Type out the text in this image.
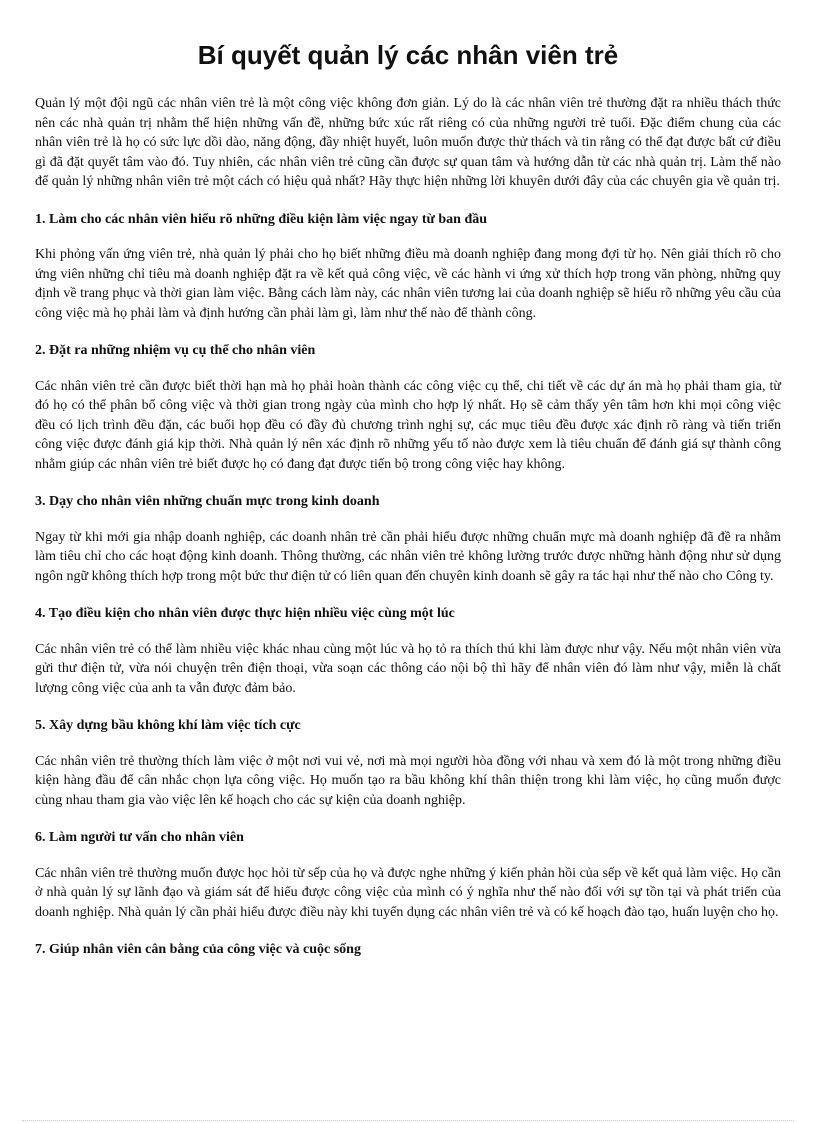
Bí quyết quản lý các nhân viên trẻ

Quản lý một đội ngũ các nhân viên trẻ là một công việc không đơn giản. Lý do là các nhân viên trẻ thường đặt ra nhiều thách thức nên các nhà quản trị nhằm thể hiện những vấn đề, những bức xúc rất riêng có của những người trẻ tuổi. Đặc điểm chung của các nhân viên trẻ là họ có sức lực dồi dào, năng động, đầy nhiệt huyết, luôn muốn được thử thách và tin rằng có thể đạt được bất cứ điều gì đã đặt quyết tâm vào đó. Tuy nhiên, các nhân viên trẻ cũng cần được sự quan tâm và hướng dẫn từ các nhà quản trị. Làm thế nào để quản lý những nhân viên trẻ một cách có hiệu quả nhất? Hãy thực hiện những lời khuyên dưới đây của các chuyên gia về quản trị.

1. Làm cho các nhân viên hiểu rõ những điều kiện làm việc ngay từ ban đầu

Khi phỏng vấn ứng viên trẻ, nhà quản lý phải cho họ biết những điều mà doanh nghiệp đang mong đợi từ họ. Nên giải thích rõ cho ứng viên những chỉ tiêu mà doanh nghiệp đặt ra về kết quả công việc, về các hành vi ứng xử thích hợp trong văn phòng, những quy định về trang phục và thời gian làm việc. Bằng cách làm này, các nhân viên tương lai của doanh nghiệp sẽ hiểu rõ những yêu cầu của công việc mà họ phải làm và định hướng cần phải làm gì, làm như thế nào để thành công.

2. Đặt ra những nhiệm vụ cụ thể cho nhân viên

Các nhân viên trẻ cần được biết thời hạn mà họ phải hoàn thành các công việc cụ thể, chi tiết về các dự án mà họ phải tham gia, từ đó họ có thể phân bổ công việc và thời gian trong ngày của mình cho hợp lý nhất. Họ sẽ cảm thấy yên tâm hơn khi mọi công việc đều có lịch trình đều đặn, các buổi họp đều có đầy đủ chương trình nghị sự, các mục tiêu đều được xác định rõ ràng và tiến triển công việc được đánh giá kịp thời. Nhà quản lý nên xác định rõ những yếu tố nào được xem là tiêu chuẩn để đánh giá sự thành công nhằm giúp các nhân viên trẻ biết được họ có đang đạt được tiến bộ trong công việc hay không.

3. Dạy cho nhân viên những chuẩn mực trong kinh doanh

Ngay từ khi mới gia nhập doanh nghiệp, các doanh nhân trẻ cần phải hiểu được những chuẩn mực mà doanh nghiệp đã đề ra nhằm làm tiêu chỉ cho các hoạt động kinh doanh. Thông thường, các nhân viên trẻ không lường trước được những hành động như sử dụng ngôn ngữ không thích hợp trong một bức thư điện tử có liên quan đến chuyên kinh doanh sẽ gây ra tác hại như thế nào cho Công ty.

4. Tạo điều kiện cho nhân viên được thực hiện nhiều việc cùng một lúc

Các nhân viên trẻ có thể làm nhiều việc khác nhau cùng một lúc và họ tỏ ra thích thú khi làm được như vậy. Nếu một nhân viên vừa gửi thư điện tử, vừa nói chuyện trên điện thoại, vừa soạn các thông cáo nội bộ thì hãy để nhân viên đó làm như vậy, miễn là chất lượng công việc của anh ta vẫn được đảm bảo.

5. Xây dựng bầu không khí làm việc tích cực

Các nhân viên trẻ thường thích làm việc ở một nơi vui vẻ, nơi mà mọi người hòa đồng với nhau và xem đó là một trong những điều kiện hàng đầu để cân nhắc chọn lựa công việc. Họ muốn tạo ra bầu không khí thân thiện trong khi làm việc, họ cũng muốn được cùng nhau tham gia vào việc lên kế hoạch cho các sự kiện của doanh nghiệp.

6. Làm người tư vấn cho nhân viên

Các nhân viên trẻ thường muốn được học hỏi từ sếp của họ và được nghe những ý kiến phản hồi của sếp về kết quả làm việc. Họ cần ở nhà quản lý sự lãnh đạo và giám sát để hiểu được công việc của mình có ý nghĩa như thế nào đối với sự tồn tại và phát triển của doanh nghiệp. Nhà quản lý cần phải hiểu được điều này khi tuyển dụng các nhân viên trẻ và có kế hoạch đào tạo, huấn luyện cho họ.

7. Giúp nhân viên cân bằng của công việc và cuộc sống
